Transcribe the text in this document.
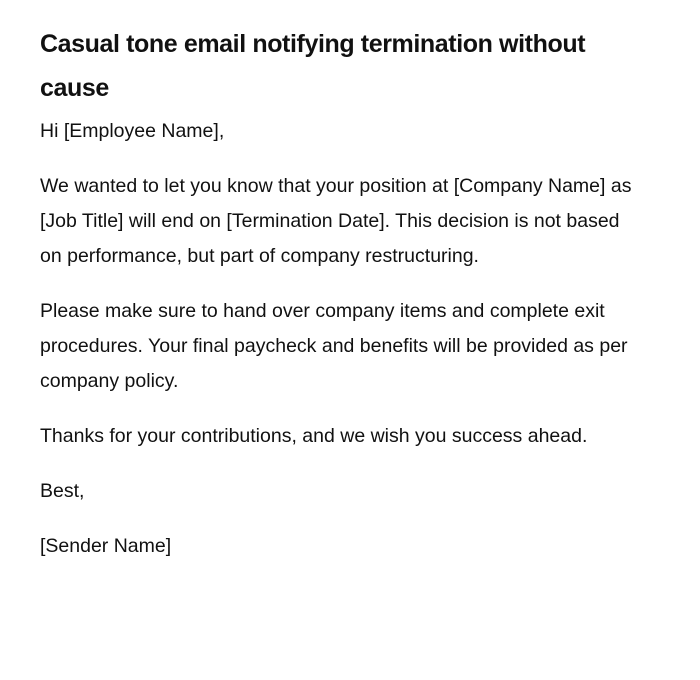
Casual tone email notifying termination without cause

Hi [Employee Name],

We wanted to let you know that your position at [Company Name] as [Job Title] will end on [Termination Date]. This decision is not based on performance, but part of company restructuring.

Please make sure to hand over company items and complete exit procedures. Your final paycheck and benefits will be provided as per company policy.

Thanks for your contributions, and we wish you success ahead.

Best,

[Sender Name]
